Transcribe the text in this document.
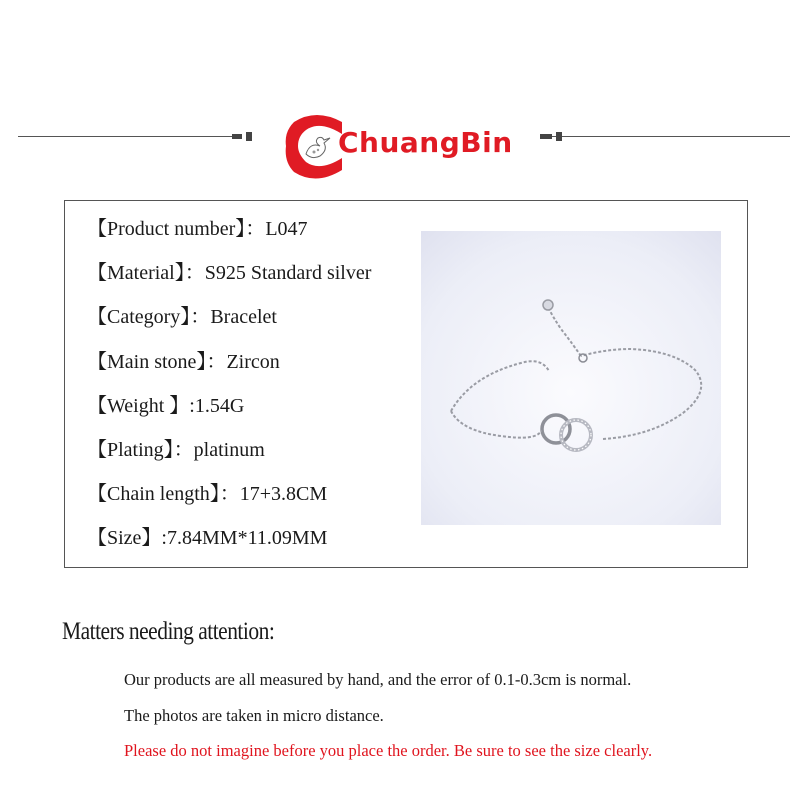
ChuangBin
【Product number】：L047
【Material】：S925 Standard silver
【Category】：Bracelet
【Main stone】：Zircon
【Weight 】:1.54G
【Plating】：platinum
【Chain length】：17+3.8CM
【Size】:7.84MM*11.09MM
Matters needing attention:
Our products are all measured by hand, and the error of 0.1-0.3cm is normal.
The photos are taken in micro distance.
Please do not imagine before you place the order. Be sure to see the size clearly.
